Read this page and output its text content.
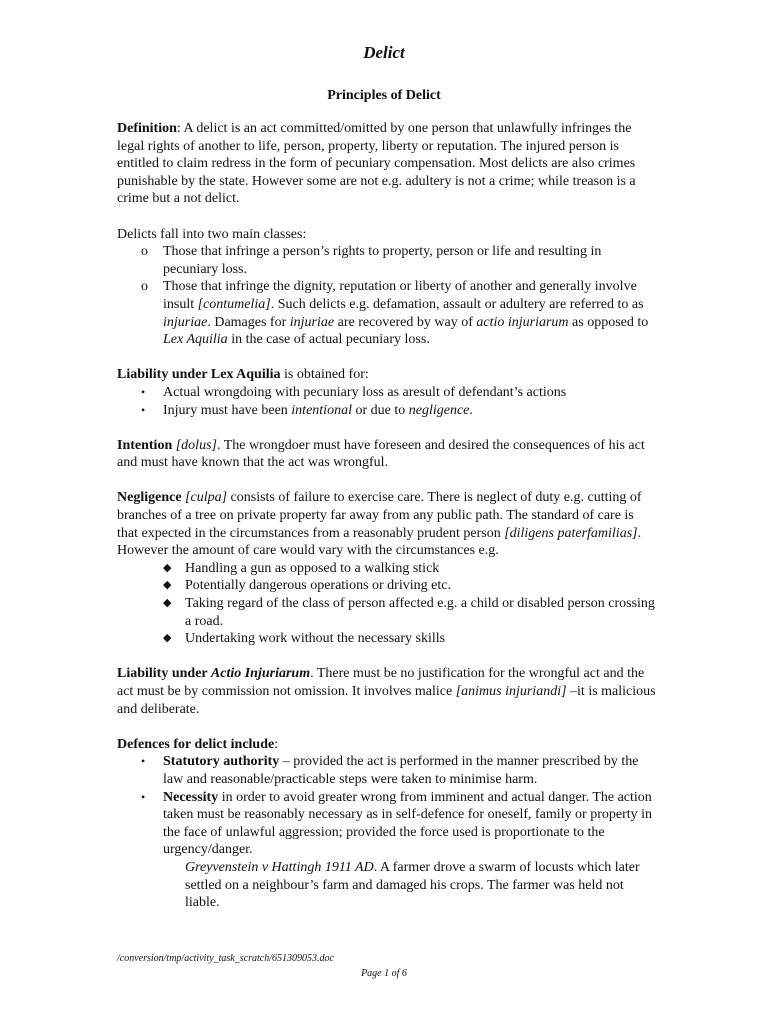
Delict
Principles of Delict

Definition: A delict is an act committed/omitted by one person that unlawfully infringes the legal rights of another to life, person, property, liberty or reputation. The injured person is entitled to claim redress in the form of pecuniary compensation. Most delicts are also crimes punishable by the state. However some are not e.g. adultery is not a crime; while treason is a crime but a not delict.

Delicts fall into two main classes:

o Those that infringe a person’s rights to property, person or life and resulting in pecuniary loss.
o Those that infringe the dignity, reputation or liberty of another and generally involve insult [contumelia]. Such delicts e.g. defamation, assault or adultery are referred to as injuriae. Damages for injuriae are recovered by way of actio injuriarum as opposed to Lex Aquilia in the case of actual pecuniary loss.

Liability under Lex Aquilia is obtained for:

• Actual wrongdoing with pecuniary loss as aresult of defendant’s actions
• Injury must have been intentional or due to negligence.

Intention [dolus]. The wrongdoer must have foreseen and desired the consequences of his act and must have known that the act was wrongful.

Negligence [culpa] consists of failure to exercise care. There is neglect of duty e.g. cutting of branches of a tree on private property far away from any public path. The standard of care is that expected in the circumstances from a reasonably prudent person [diligens paterfamilias]. However the amount of care would vary with the circumstances e.g.

◆ Handling a gun as opposed to a walking stick
◆ Potentially dangerous operations or driving etc.
◆ Taking regard of the class of person affected e.g. a child or disabled person crossing a road.
◆ Undertaking work without the necessary skills

Liability under Actio Injuriarum. There must be no justification for the wrongful act and the act must be by commission not omission. It involves malice [animus injuriandi] –it is malicious and deliberate.

Defences for delict include:

• Statutory authority – provided the act is performed in the manner prescribed by the law and reasonable/practicable steps were taken to minimise harm.
• Necessity in order to avoid greater wrong from imminent and actual danger. The action taken must be reasonably necessary as in self-defence for oneself, family or property in the face of unlawful aggression; provided the force used is proportionate to the urgency/danger.

Greyvenstein v Hattingh 1911 AD. A farmer drove a swarm of locusts which later settled on a neighbour’s farm and damaged his crops. The farmer was held not liable.

/conversion/tmp/activity_task_scratch/651309053.doc
Page 1 of 6
